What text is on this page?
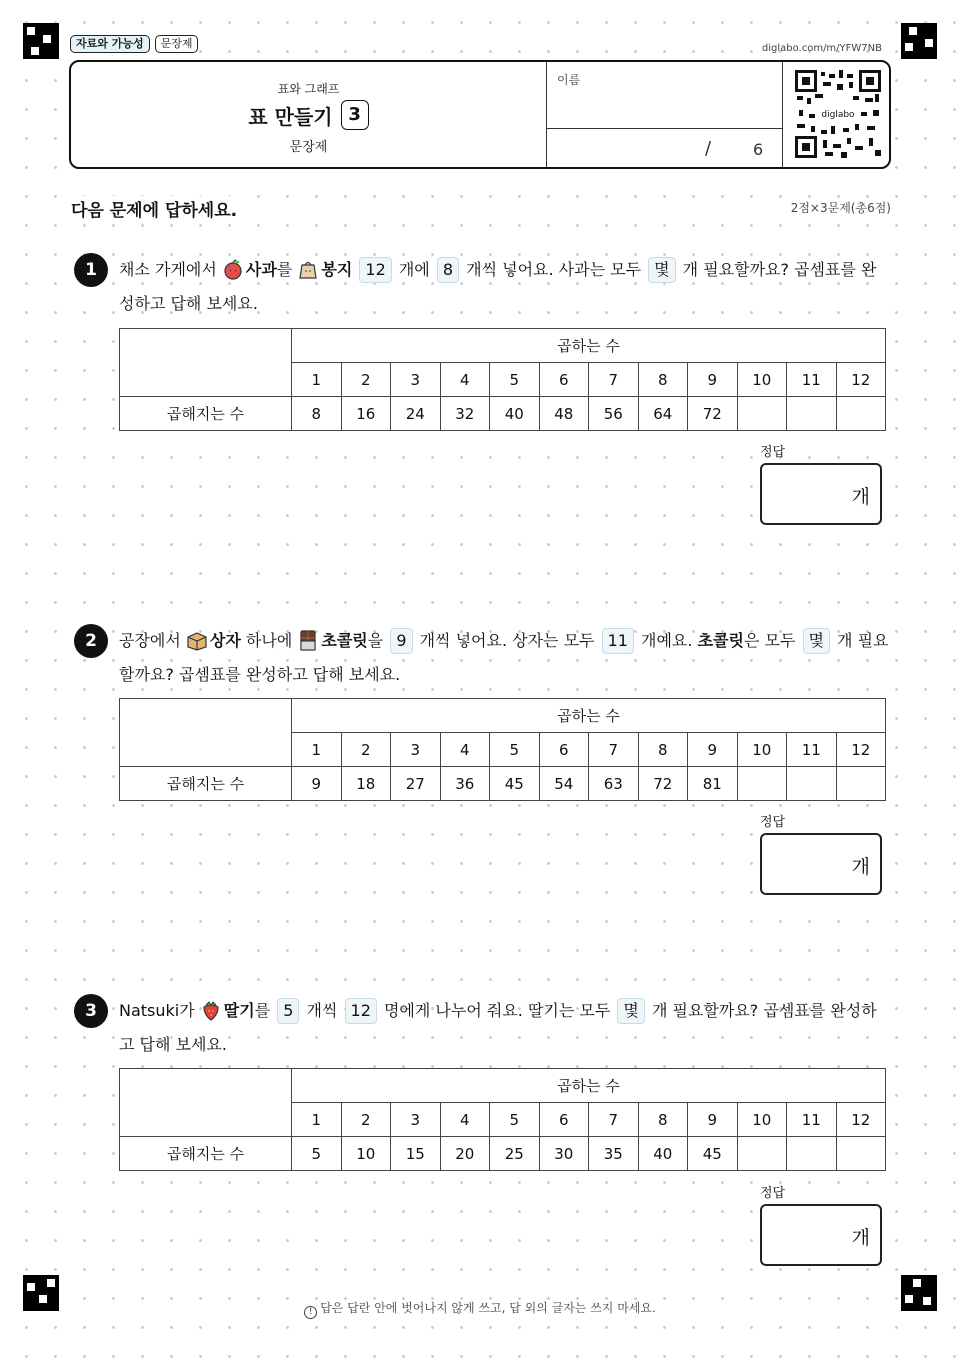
자료와 가능성	문장제	diglabo.com/m/YFW7NB
표와 그래프
표 만들기 3
문장제
이름
/	6
diglabo
다음 문제에 답하세요.	2점×3문제(총6점)
1	채소 가게에서 사과를 봉지 12 개에 8 개씩 넣어요. 사과는 모두 몇 개 필요할까요? 곱셈표를 완성하고 답해 보세요.
	곱하는 수											
	1	2	3	4	5	6	7	8	9	10	11	12
곱해지는 수	8	16	24	32	40	48	56	64	72			
정답
개
2	공장에서 상자 하나에 초콜릿을 9 개씩 넣어요. 상자는 모두 11 개예요. 초콜릿은 모두 몇 개 필요할까요? 곱셈표를 완성하고 답해 보세요.
	곱하는 수											
	1	2	3	4	5	6	7	8	9	10	11	12
곱해지는 수	9	18	27	36	45	54	63	72	81			
정답
개
3	Natsuki가 딸기를 5 개씩 12 명에게 나누어 줘요. 딸기는 모두 몇 개 필요할까요? 곱셈표를 완성하고 답해 보세요.
	곱하는 수											
	1	2	3	4	5	6	7	8	9	10	11	12
곱해지는 수	5	10	15	20	25	30	35	40	45			
정답
개
! 답은 답란 안에 벗어나지 않게 쓰고, 답 외의 글자는 쓰지 마세요.
